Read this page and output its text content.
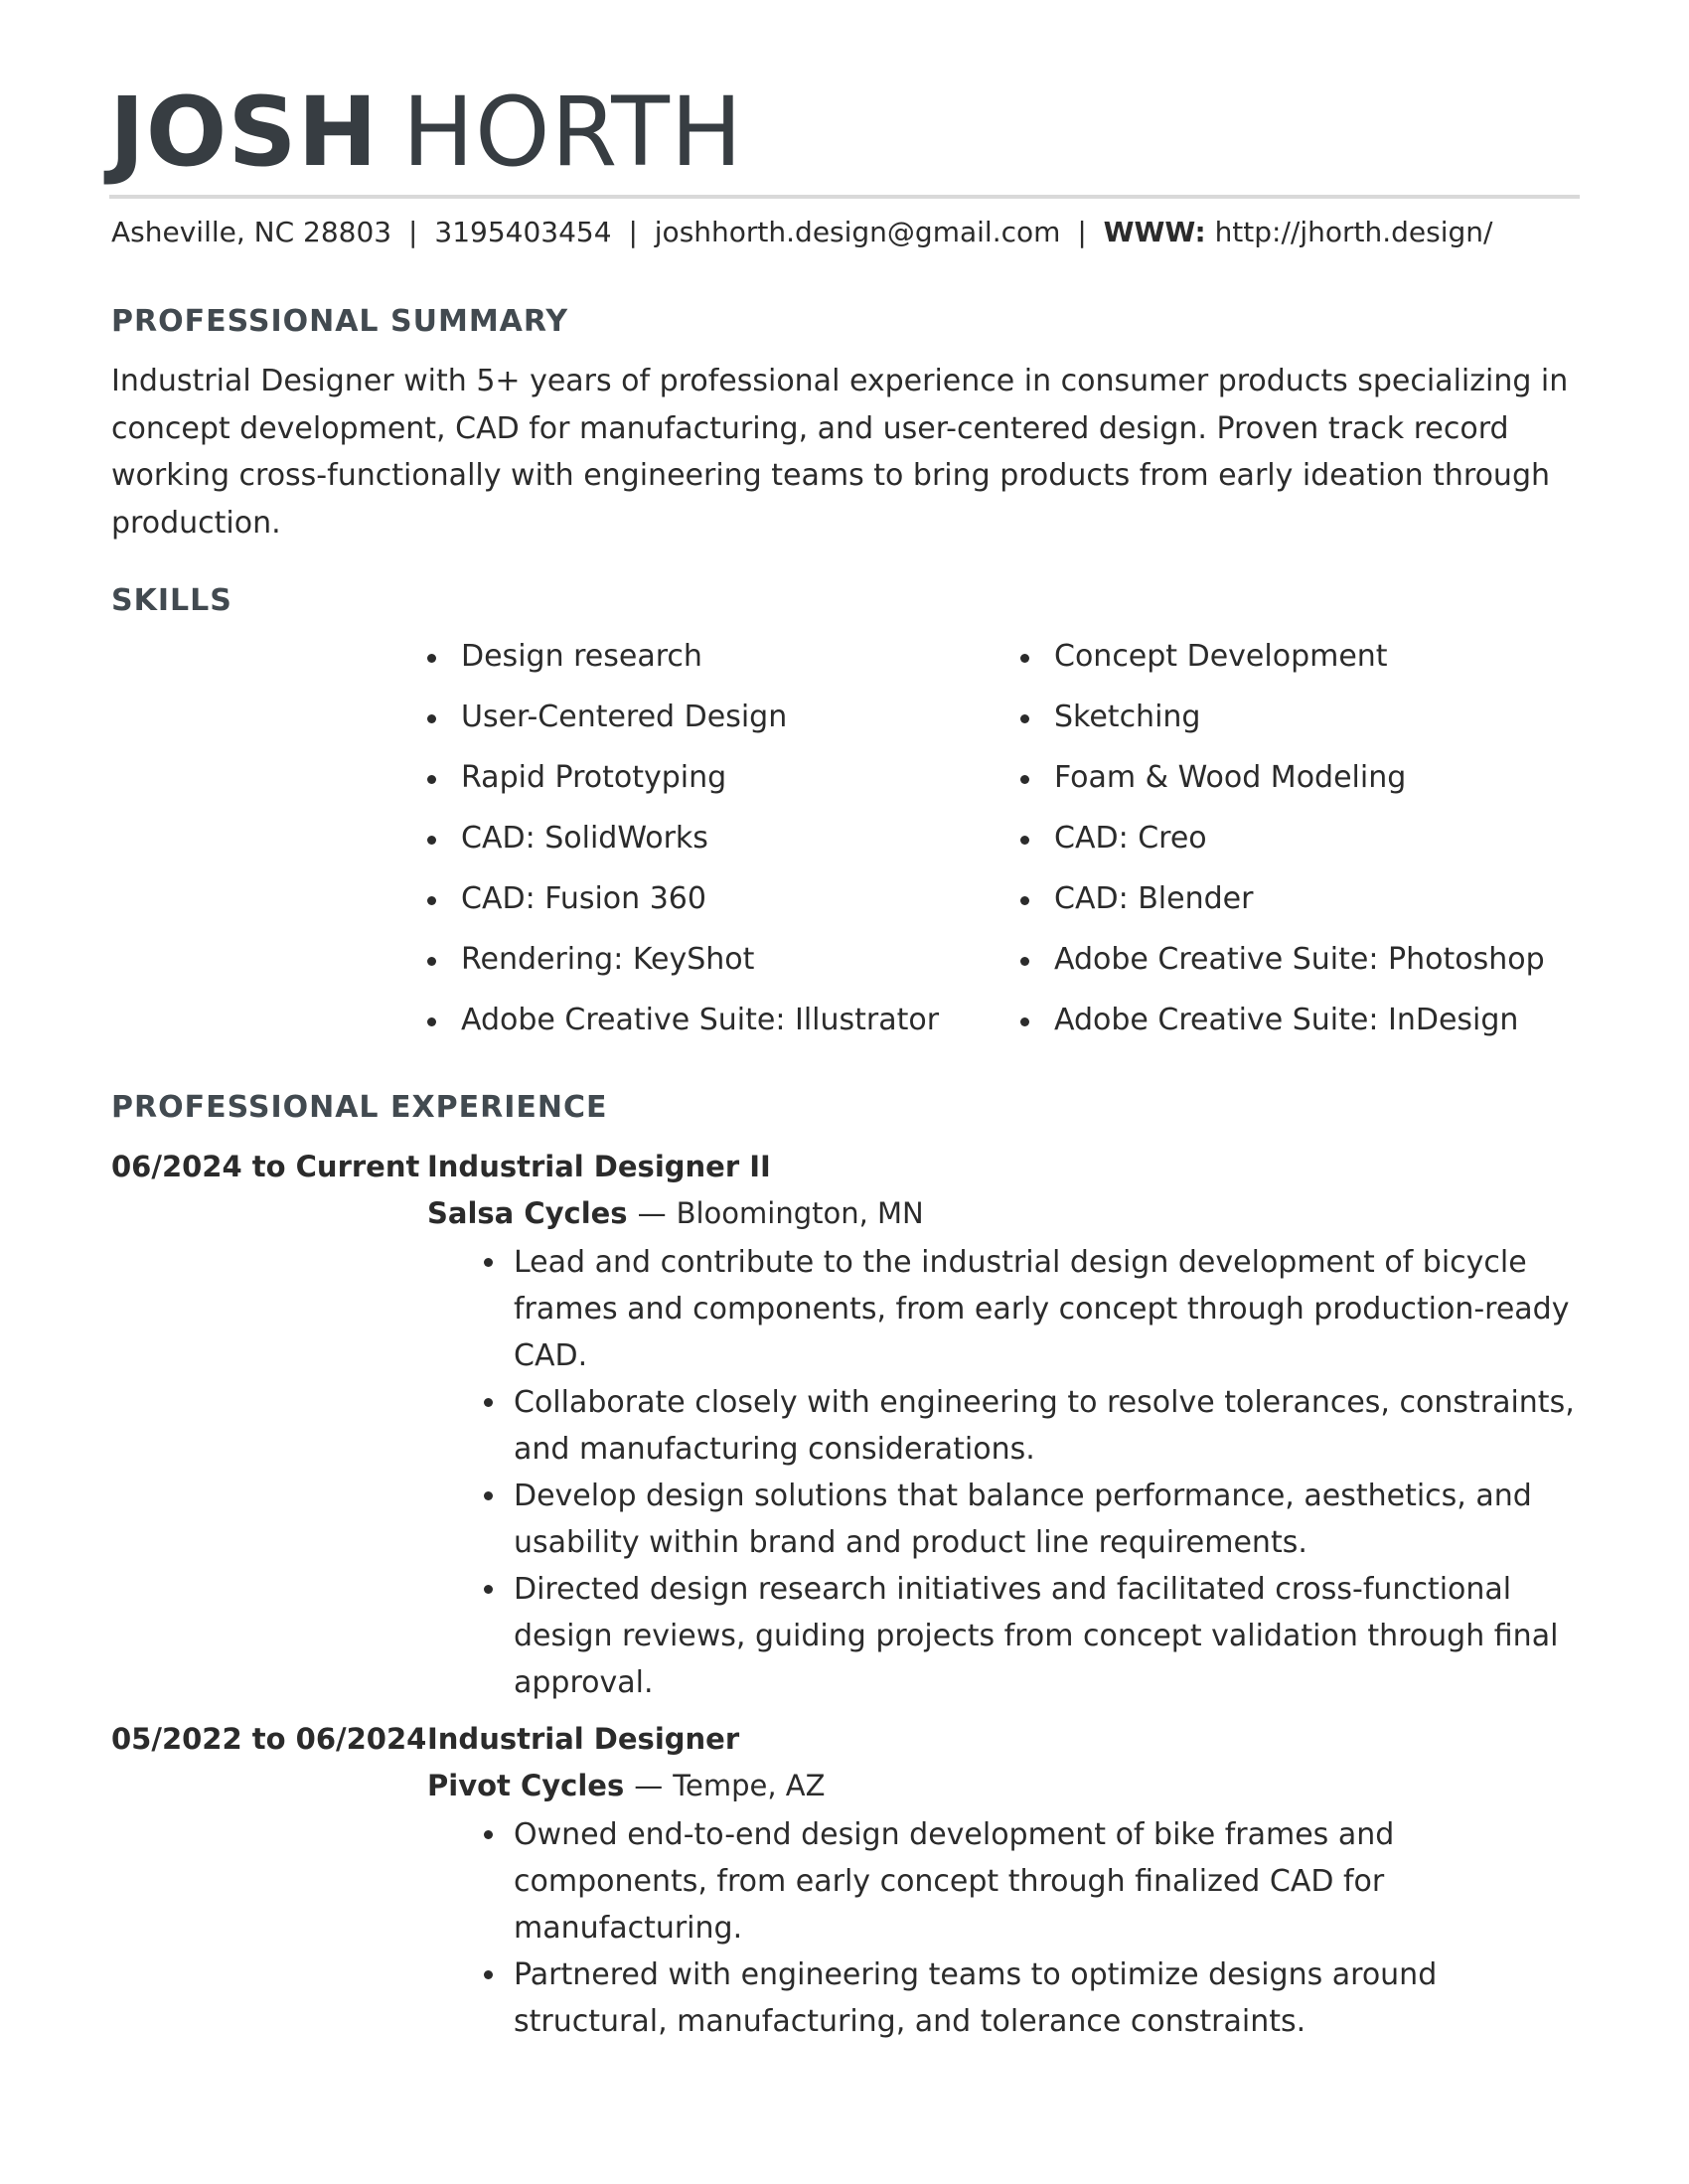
JOSH HORTH
Asheville, NC 28803 | 3195403454 | joshhorth.design@gmail.com | WWW: http://jhorth.design/
PROFESSIONAL SUMMARY

Industrial Designer with 5+ years of professional experience in consumer products specializing in concept development, CAD for manufacturing, and user-centered design. Proven track record working cross-functionally with engineering teams to bring products from early ideation through production.

SKILLS
Design research
User-Centered Design
Rapid Prototyping
CAD: SolidWorks
CAD: Fusion 360
Rendering: KeyShot
Adobe Creative Suite: Illustrator
Concept Development
Sketching
Foam & Wood Modeling
CAD: Creo
CAD: Blender
Adobe Creative Suite: Photoshop
Adobe Creative Suite: InDesign
PROFESSIONAL EXPERIENCE
06/2024 to Current Industrial Designer II
Salsa Cycles — Bloomington, MN
Lead and contribute to the industrial design development of bicycle frames and components, from early concept through production-ready CAD.
Collaborate closely with engineering to resolve tolerances, constraints, and manufacturing considerations.
Develop design solutions that balance performance, aesthetics, and usability within brand and product line requirements.
Directed design research initiatives and facilitated cross-functional design reviews, guiding projects from concept validation through final approval.
05/2022 to 06/2024 Industrial Designer
Pivot Cycles — Tempe, AZ
Owned end-to-end design development of bike frames and components, from early concept through finalized CAD for manufacturing.
Partnered with engineering teams to optimize designs around structural, manufacturing, and tolerance constraints.
